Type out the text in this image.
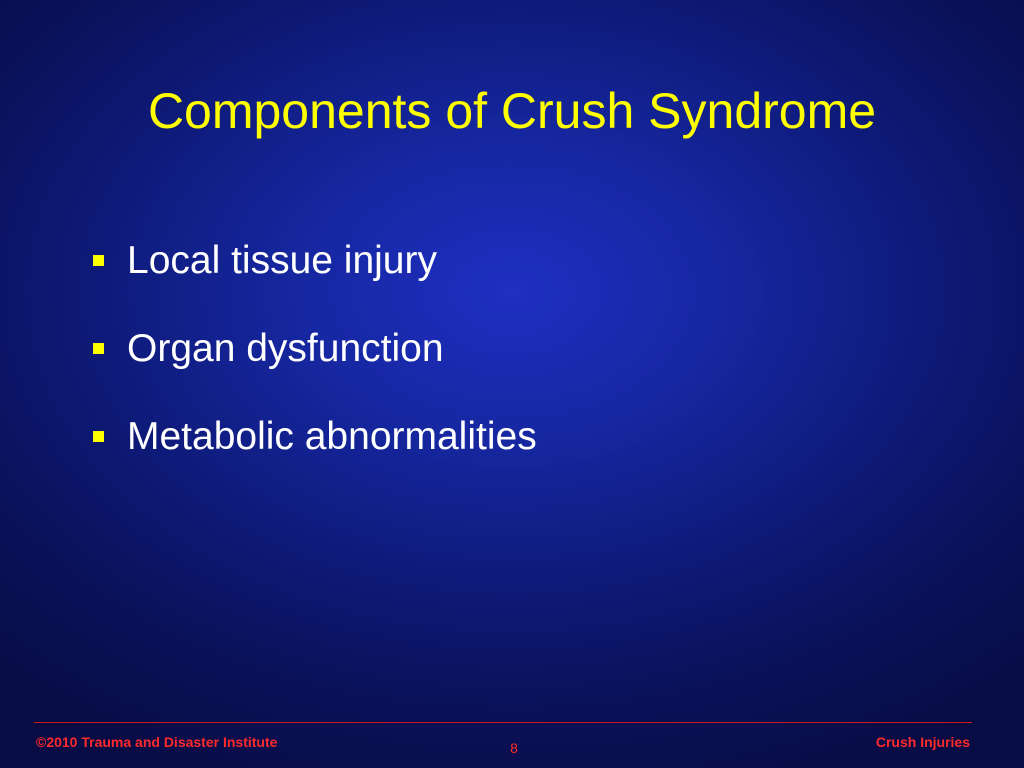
Components of Crush Syndrome
Local tissue injury
Organ dysfunction
Metabolic abnormalities
©2010 Trauma and Disaster Institute	8	Crush Injuries
